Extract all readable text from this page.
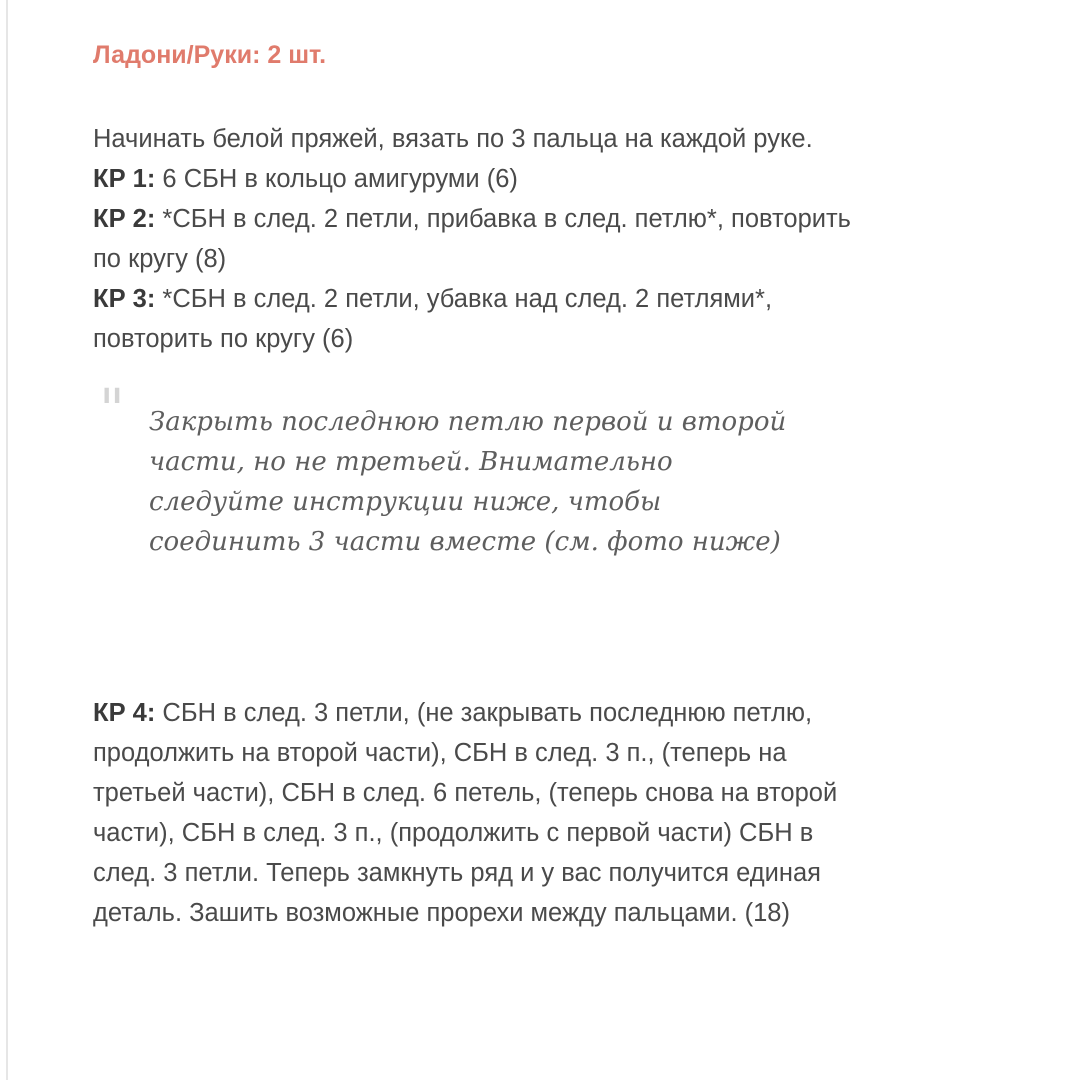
Ладони/Руки: 2 шт.

Начинать белой пряжей, вязать по 3 пальца на каждой руке.

КР 1: 6 СБН в кольцо амигуруми (6)

КР 2: *СБН в след. 2 петли, прибавка в след. петлю*, повторить по кругу (8)

КР 3: *СБН в след. 2 петли, убавка над след. 2 петлями*, повторить по кругу (6)

" Закрыть последнюю петлю первой и второй части, но не третьей. Внимательно следуйте инструкции ниже, чтобы соединить 3 части вместе (см. фото ниже)

КР 4: СБН в след. 3 петли, (не закрывать последнюю петлю, продолжить на второй части), СБН в след. 3 п., (теперь на третьей части), СБН в след. 6 петель, (теперь снова на второй части), СБН в след. 3 п., (продолжить с первой части) СБН в след. 3 петли. Теперь замкнуть ряд и у вас получится единая деталь. Зашить возможные прорехи между пальцами. (18)
